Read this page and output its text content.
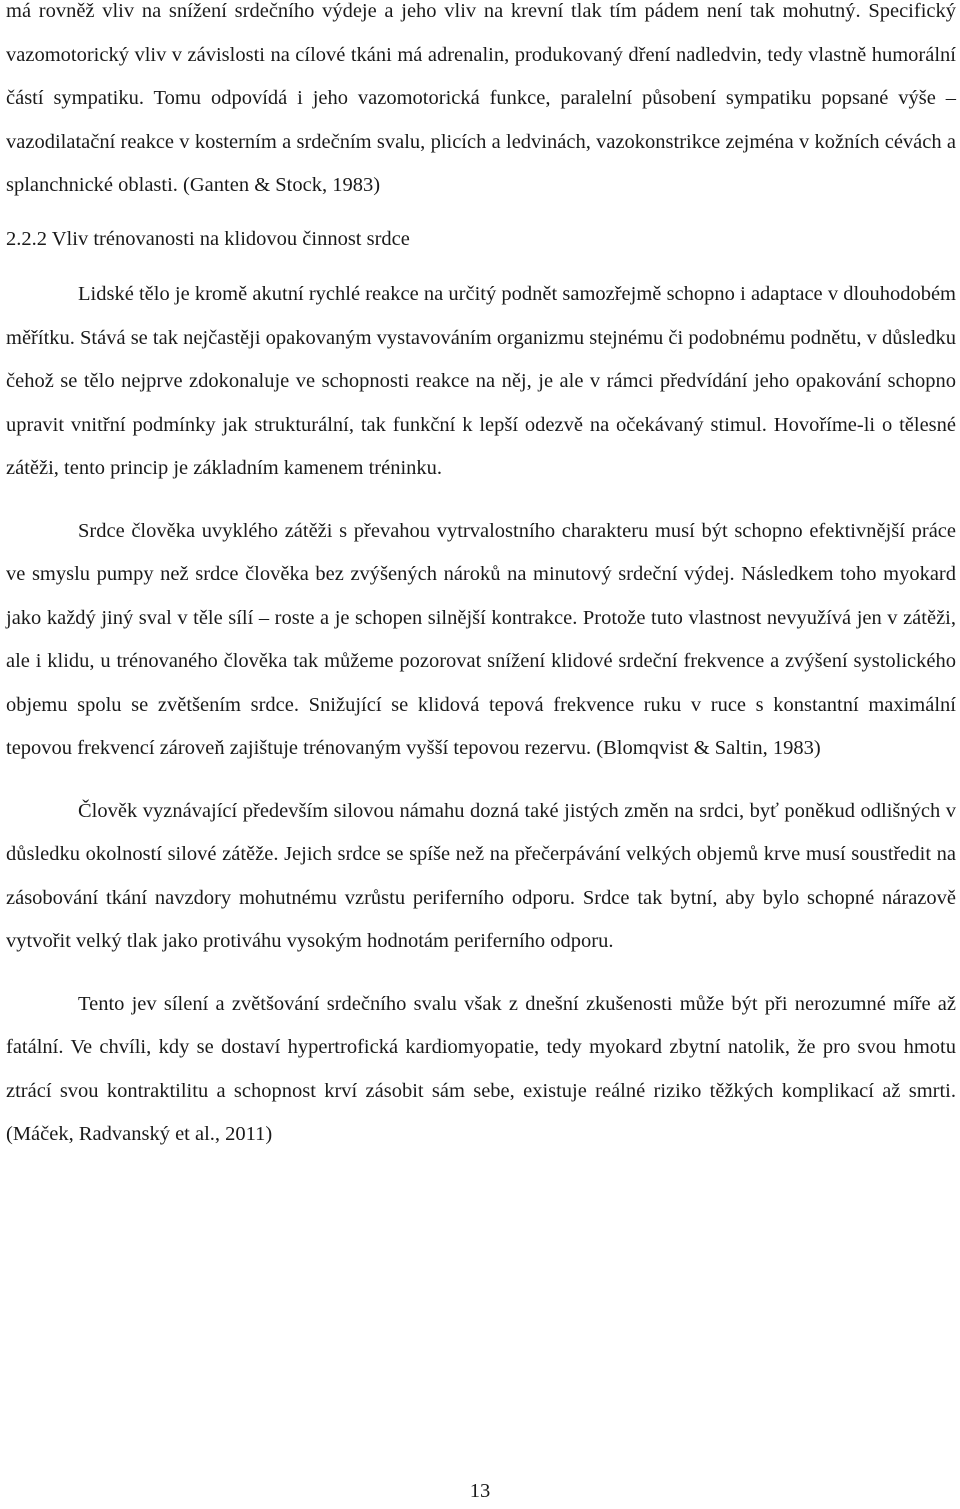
má rovněž vliv na snížení srdečního výdeje a jeho vliv na krevní tlak tím pádem není tak mohutný. Specifický vazomotorický vliv v závislosti na cílové tkáni má adrenalin, produkovaný dření nadledvin, tedy vlastně humorální částí sympatiku. Tomu odpovídá i jeho vazomotorická funkce, paralelní působení sympatiku popsané výše – vazodilatační reakce v kosterním a srdečním svalu, plicích a ledvinách, vazokonstrikce zejména v kožních cévách a splanchnické oblasti. (Ganten & Stock, 1983)

2.2.2 Vliv trénovanosti na klidovou činnost srdce

Lidské tělo je kromě akutní rychlé reakce na určitý podnět samozřejmě schopno i adaptace v dlouhodobém měřítku. Stává se tak nejčastěji opakovaným vystavováním organizmu stejnému či podobnému podnětu, v důsledku čehož se tělo nejprve zdokonaluje ve schopnosti reakce na něj, je ale v rámci předvídání jeho opakování schopno upravit vnitřní podmínky jak strukturální, tak funkční k lepší odezvě na očekávaný stimul. Hovoříme-li o tělesné zátěži, tento princip je základním kamenem tréninku.

Srdce člověka uvyklého zátěži s převahou vytrvalostního charakteru musí být schopno efektivnější práce ve smyslu pumpy než srdce člověka bez zvýšených nároků na minutový srdeční výdej. Následkem toho myokard jako každý jiný sval v těle sílí – roste a je schopen silnější kontrakce. Protože tuto vlastnost nevyužívá jen v zátěži, ale i klidu, u trénovaného člověka tak můžeme pozorovat snížení klidové srdeční frekvence a zvýšení systolického objemu spolu se zvětšením srdce. Snižující se klidová tepová frekvence ruku v ruce s konstantní maximální tepovou frekvencí zároveň zajištuje trénovaným vyšší tepovou rezervu. (Blomqvist & Saltin, 1983)

Člověk vyznávající především silovou námahu dozná také jistých změn na srdci, byť poněkud odlišných v důsledku okolností silové zátěže. Jejich srdce se spíše než na přečerpávání velkých objemů krve musí soustředit na zásobování tkání navzdory mohutnému vzrůstu periferního odporu. Srdce tak bytní, aby bylo schopné nárazově vytvořit velký tlak jako protiváhu vysokým hodnotám periferního odporu.

Tento jev sílení a zvětšování srdečního svalu však z dnešní zkušenosti může být při nerozumné míře až fatální. Ve chvíli, kdy se dostaví hypertrofická kardiomyopatie, tedy myokard zbytní natolik, že pro svou hmotu ztrácí svou kontraktilitu a schopnost krví zásobit sám sebe, existuje reálné riziko těžkých komplikací až smrti. (Máček, Radvanský et al., 2011)

13
